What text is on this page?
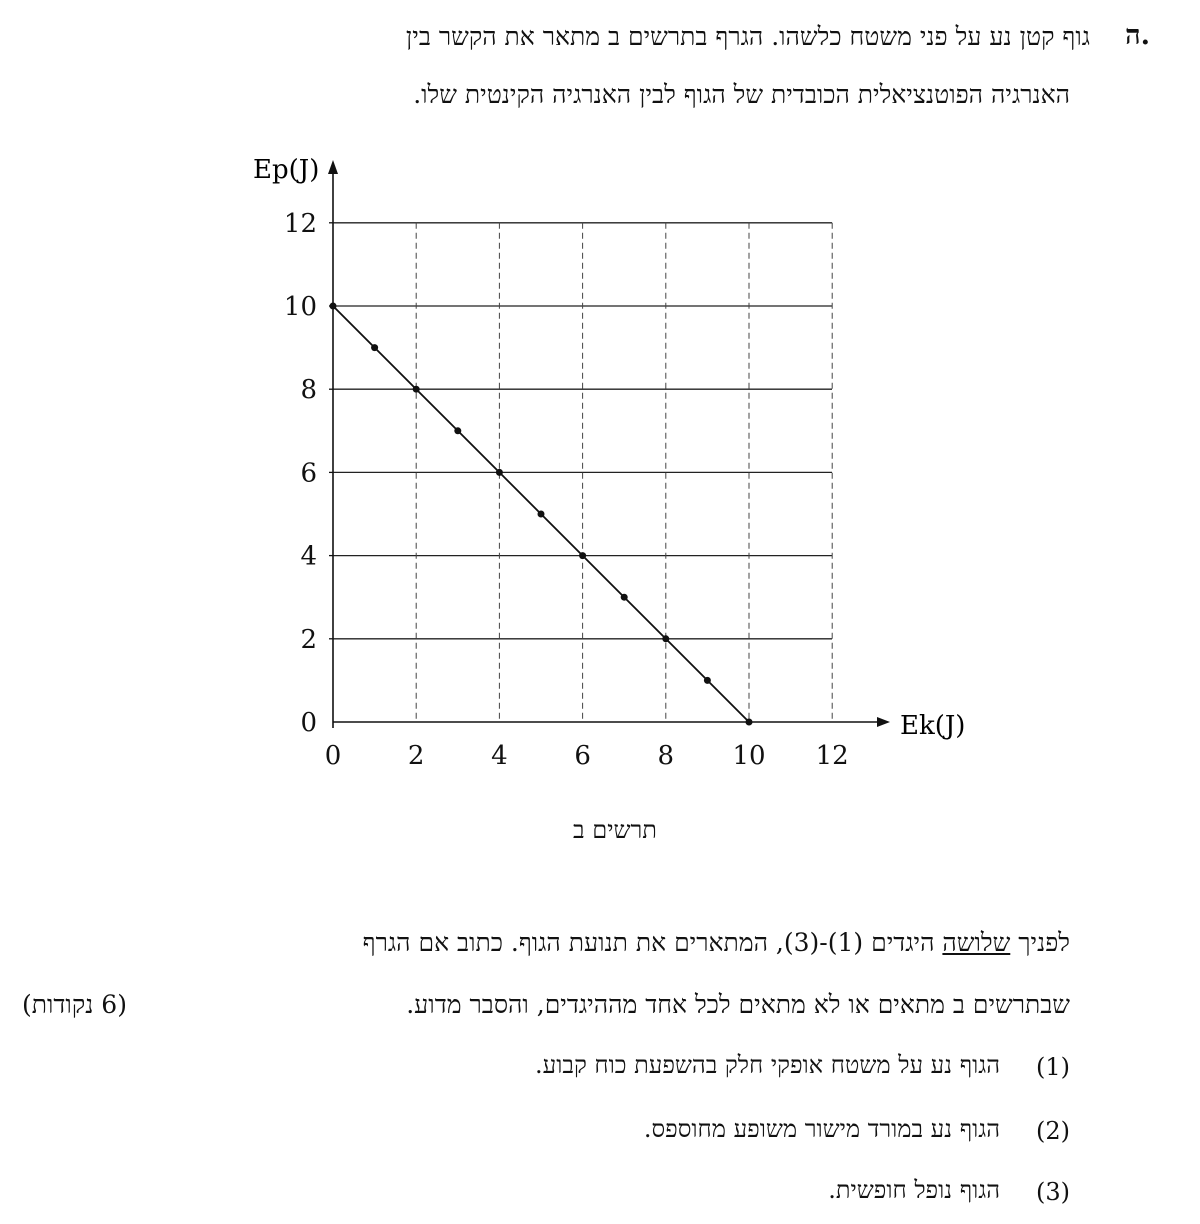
ה.
גוף קטן נע על פני משטח כלשהו. הגרף בתרשים ב מתאר את הקשר בין
האנרגיה הפוטנציאלית הכובדית של הגוף לבין האנרגיה הקינטית שלו.
0
2
4
6
8
10
12
0	2	4	6	8 10 12
Ep(J)
Ek(J)
תרשים ב
לפניך שלושה היגדים (1)-(3), המתארים את תנועת הגוף. כתוב אם הגרף
שבתרשים ב מתאים או לא מתאים לכל אחד מההיגדים, והסבר מדוע.
(6 נקודות)
(1)
הגוף נע על משטח אופקי חלק בהשפעת כוח קבוע.
(2)
הגוף נע במורד מישור משופע מחוספס.
(3)
הגוף נופל חופשית.
